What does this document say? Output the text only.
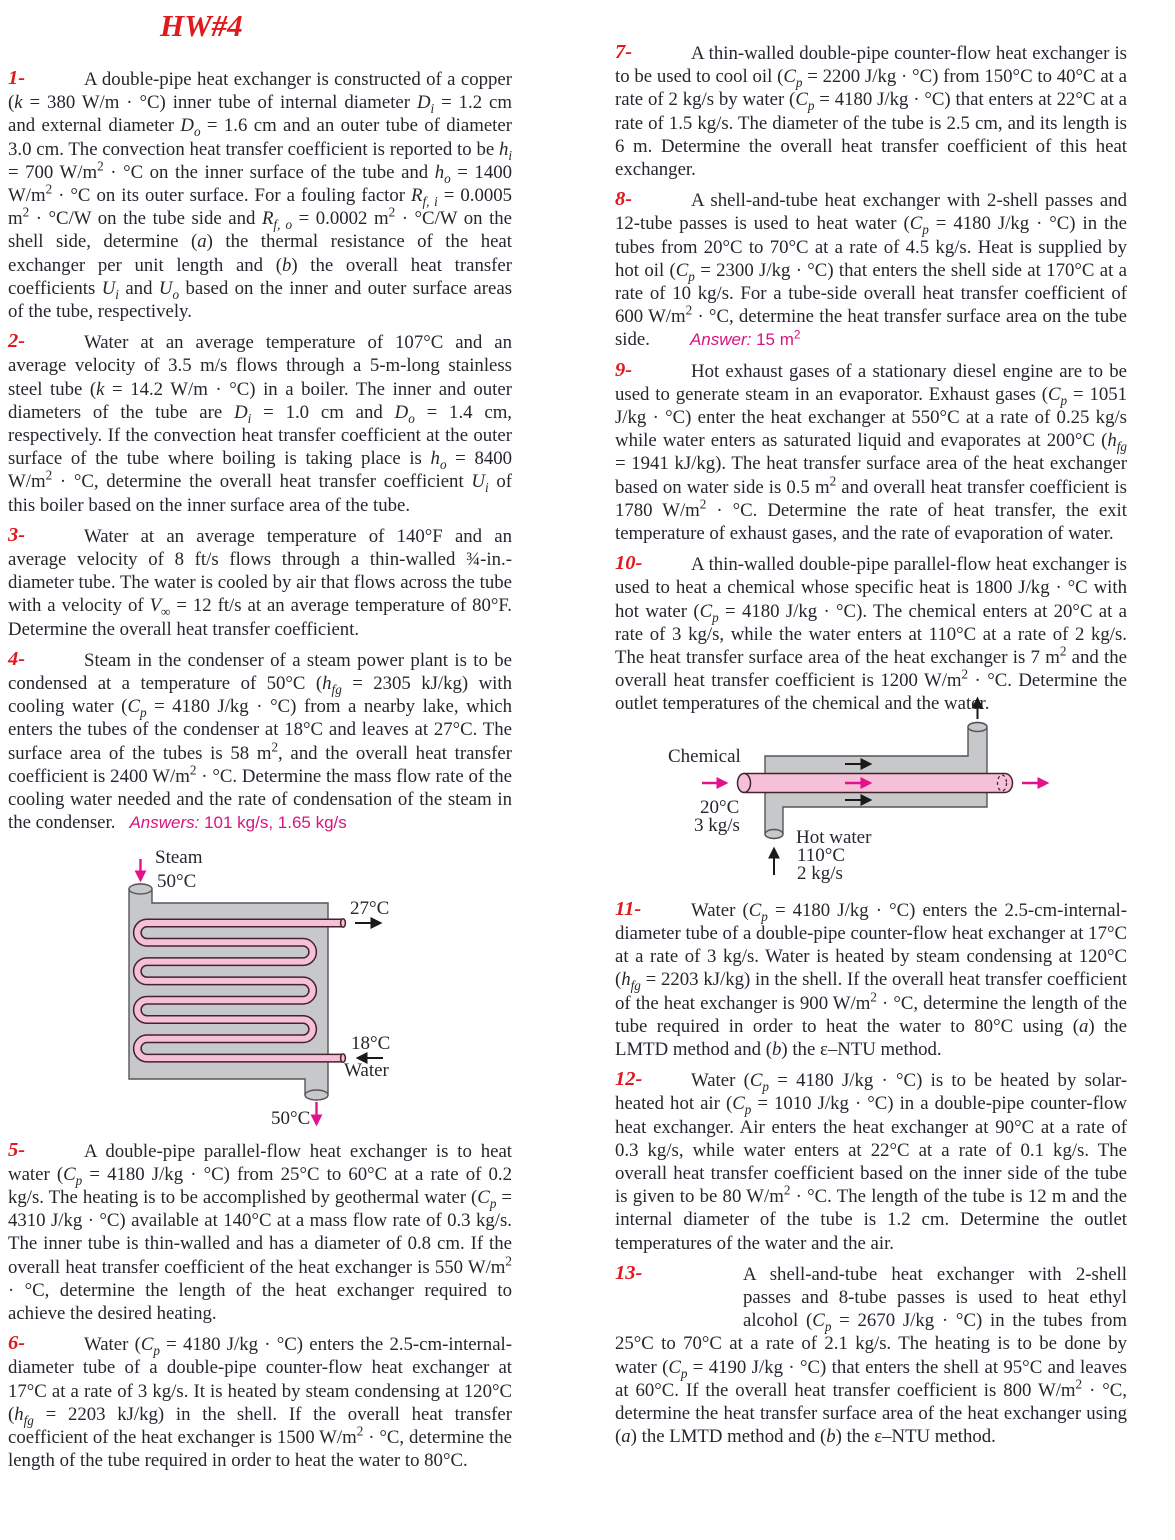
HW#4

1-	A double-pipe heat exchanger is constructed of a copper (k = 380 W/m · °C) inner tube of internal diameter $D_i = 1.2$ cm and external diameter $D_o = 1.6$ cm and an outer tube of diameter 3.0 cm. The convection heat transfer coefficient is reported to be $h_i = 700$ $W/m^2 \cdot ^\circ C$ on the inner surface of the tube and $h_o = 1400$ $W/m^2 \cdot ^\circ C$ on its outer surface. For a fouling factor $R_{f, i} = 0.0005$ $m^2 \cdot ^\circ C/W$ on the tube side and $R_{f, o} = 0.0002$ $m^2 \cdot ^\circ C/W$ on the shell side, determine (a) the thermal resistance of the heat exchanger per unit length and (b) the overall heat transfer coefficients $U_i$ and $U_o$ based on the inner and outer surface areas of the tube, respectively.

2-	Water at an average temperature of 107°C and an average velocity of 3.5 m/s flows through a 5-m-long stainless steel tube (k = 14.2 W/m · °C) in a boiler. The inner and outer diameters of the tube are $D_i = 1.0$ cm and $D_o = 1.4$ cm, respectively. If the convection heat transfer coefficient at the outer surface of the tube where boiling is taking place is $h_o = 8400$ $W/m^2 \cdot ^\circ C$, determine the overall heat transfer coefficient $U_i$ of this boiler based on the inner surface area of the tube.

3-	Water at an average temperature of 140°F and an average velocity of 8 ft/s flows through a thin-walled ¾-in.-diameter tube. The water is cooled by air that flows across the tube with a velocity of $V_\infty = 12$ ft/s at an average temperature of 80°F. Determine the overall heat transfer coefficient.

4-	Steam in the condenser of a steam power plant is to be condensed at a temperature of 50°C ($h_{fg} = 2305$ kJ/kg) with cooling water ($C_p = 4180$ J/kg · °C) from a nearby lake, which enters the tubes of the condenser at 18°C and leaves at 27°C. The surface area of the tubes is 58 $m^2$, and the overall heat transfer coefficient is 2400 $W/m^2 \cdot ^\circ C$. Determine the mass flow rate of the cooling water needed and the rate of condensation of the steam in the condenser. Answers: 101 kg/s, 1.65 kg/s

Steam
50°C
27°C
18°C
Water
50°C

5-	A double-pipe parallel-flow heat exchanger is to heat water ($C_p = 4180$ J/kg · °C) from 25°C to 60°C at a rate of 0.2 kg/s. The heating is to be accomplished by geothermal water ($C_p = 4310$ J/kg · °C) available at 140°C at a mass flow rate of 0.3 kg/s. The inner tube is thin-walled and has a diameter of 0.8 cm. If the overall heat transfer coefficient of the heat exchanger is 550 $W/m^2 \cdot ^\circ C$, determine the length of the heat exchanger required to achieve the desired heating.

6-	Water ($C_p = 4180$ J/kg · °C) enters the 2.5-cm-internal-diameter tube of a double-pipe counter-flow heat exchanger at 17°C at a rate of 3 kg/s. It is heated by steam condensing at 120°C ($h_{fg} = 2203$ kJ/kg) in the shell. If the overall heat transfer coefficient of the heat exchanger is 1500 $W/m^2 \cdot ^\circ C$, determine the length of the tube required in order to heat the water to 80°C.

7-	A thin-walled double-pipe counter-flow heat exchanger is to be used to cool oil ($C_p = 2200$ J/kg · °C) from 150°C to 40°C at a rate of 2 kg/s by water ($C_p = 4180$ J/kg · °C) that enters at 22°C at a rate of 1.5 kg/s. The diameter of the tube is 2.5 cm, and its length is 6 m. Determine the overall heat transfer coefficient of this heat exchanger.

8-	A shell-and-tube heat exchanger with 2-shell passes and 12-tube passes is used to heat water ($C_p = 4180$ J/kg · °C) in the tubes from 20°C to 70°C at a rate of 4.5 kg/s. Heat is supplied by hot oil ($C_p = 2300$ J/kg · °C) that enters the shell side at 170°C at a rate of 10 kg/s. For a tube-side overall heat transfer coefficient of 600 $W/m^2 \cdot ^\circ C$, determine the heat transfer surface area on the tube side. Answer: 15 $m^2$

9-	Hot exhaust gases of a stationary diesel engine are to be used to generate steam in an evaporator. Exhaust gases ($C_p = 1051$ J/kg · °C) enter the heat exchanger at 550°C at a rate of 0.25 kg/s while water enters as saturated liquid and evaporates at 200°C ($h_{fg} = 1941$ kJ/kg). The heat transfer surface area of the heat exchanger based on water side is 0.5 $m^2$ and overall heat transfer coefficient is 1780 $W/m^2 \cdot ^\circ C$. Determine the rate of heat transfer, the exit temperature of exhaust gases, and the rate of evaporation of water.

10-	A thin-walled double-pipe parallel-flow heat exchanger is used to heat a chemical whose specific heat is 1800 J/kg · °C with hot water ($C_p = 4180$ J/kg · °C). The chemical enters at 20°C at a rate of 3 kg/s, while the water enters at 110°C at a rate of 2 kg/s. The heat transfer surface area of the heat exchanger is 7 $m^2$ and the overall heat transfer coefficient is 1200 $W/m^2 \cdot ^\circ C$. Determine the outlet temperatures of the chemical and the water.

Chemical
20°C
3 kg/s
Hot water
110°C
2 kg/s

11-	Water ($C_p = 4180$ J/kg · °C) enters the 2.5-cm-internal-diameter tube of a double-pipe counter-flow heat exchanger at 17°C at a rate of 3 kg/s. Water is heated by steam condensing at 120°C ($h_{fg} = 2203$ kJ/kg) in the shell. If the overall heat transfer coefficient of the heat exchanger is 900 $W/m^2 \cdot ^\circ C$, determine the length of the tube required in order to heat the water to 80°C using (a) the LMTD method and (b) the ε–NTU method.

12-	Water ($C_p = 4180$ J/kg · °C) is to be heated by solar-heated hot air ($C_p = 1010$ J/kg · °C) in a double-pipe counter-flow heat exchanger. Air enters the heat exchanger at 90°C at a rate of 0.3 kg/s, while water enters at 22°C at a rate of 0.1 kg/s. The overall heat transfer coefficient based on the inner side of the tube is given to be 80 $W/m^2 \cdot ^\circ C$. The length of the tube is 12 m and the internal diameter of the tube is 1.2 cm. Determine the outlet temperatures of the water and the air.

13-	A shell-and-tube heat exchanger with 2-shell passes and 8-tube passes is used to heat ethyl alcohol ($C_p = 2670$ J/kg · °C) in the tubes from 25°C to 70°C at a rate of 2.1 kg/s. The heating is to be done by water ($C_p = 4190$ J/kg · °C) that enters the shell at 95°C and leaves at 60°C. If the overall heat transfer coefficient is 800 $W/m^2 \cdot ^\circ C$, determine the heat transfer surface area of the heat exchanger using (a) the LMTD method and (b) the ε–NTU method.
